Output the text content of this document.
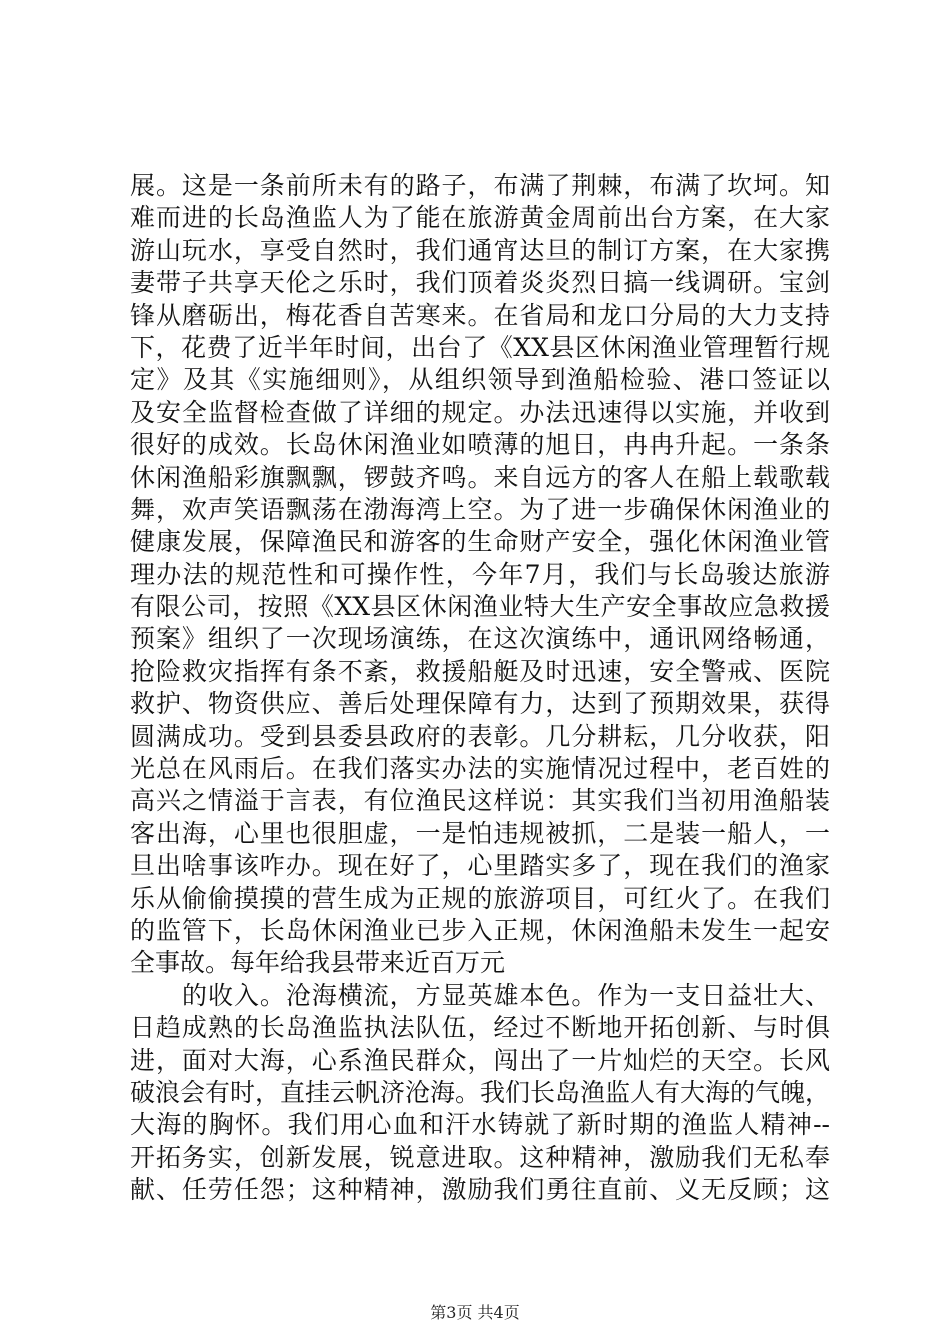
展。这是一条前所未有的路子，布满了荆棘，布满了坎坷。知
难而进的长岛渔监人为了能在旅游黄金周前出台方案，在大家
游山玩水，享受自然时，我们通宵达旦的制订方案，在大家携
妻带子共享天伦之乐时，我们顶着炎炎烈日搞一线调研。宝剑
锋从磨砺出，梅花香自苦寒来。在省局和龙口分局的大力支持
下，花费了近半年时间，出台了《XX县区休闲渔业管理暂行规
定》及其《实施细则》，从组织领导到渔船检验、港口签证以
及安全监督检查做了详细的规定。办法迅速得以实施，并收到
很好的成效。长岛休闲渔业如喷薄的旭日，冉冉升起。一条条
休闲渔船彩旗飘飘，锣鼓齐鸣。来自远方的客人在船上载歌载
舞，欢声笑语飘荡在渤海湾上空。为了进一步确保休闲渔业的
健康发展，保障渔民和游客的生命财产安全，强化休闲渔业管
理办法的规范性和可操作性，今年7月，我们与长岛骏达旅游
有限公司，按照《XX县区休闲渔业特大生产安全事故应急救援
预案》组织了一次现场演练，在这次演练中，通讯网络畅通，
抢险救灾指挥有条不紊，救援船艇及时迅速，安全警戒、医院
救护、物资供应、善后处理保障有力，达到了预期效果，获得
圆满成功。受到县委县政府的表彰。几分耕耘，几分收获，阳
光总在风雨后。在我们落实办法的实施情况过程中，老百姓的
高兴之情溢于言表，有位渔民这样说：其实我们当初用渔船装
客出海，心里也很胆虚，一是怕违规被抓，二是装一船人，一
旦出啥事该咋办。现在好了，心里踏实多了，现在我们的渔家
乐从偷偷摸摸的营生成为正规的旅游项目，可红火了。在我们
的监管下，长岛休闲渔业已步入正规，休闲渔船未发生一起安
全事故。每年给我县带来近百万元
的收入。沧海横流，方显英雄本色。作为一支日益壮大、
日趋成熟的长岛渔监执法队伍，经过不断地开拓创新、与时俱
进，面对大海，心系渔民群众，闯出了一片灿烂的天空。长风
破浪会有时，直挂云帆济沧海。我们长岛渔监人有大海的气魄，
大海的胸怀。我们用心血和汗水铸就了新时期的渔监人精神--
开拓务实，创新发展，锐意进取。这种精神，激励我们无私奉
献、任劳任怨；这种精神，激励我们勇往直前、义无反顾；这
第3页 共4页
